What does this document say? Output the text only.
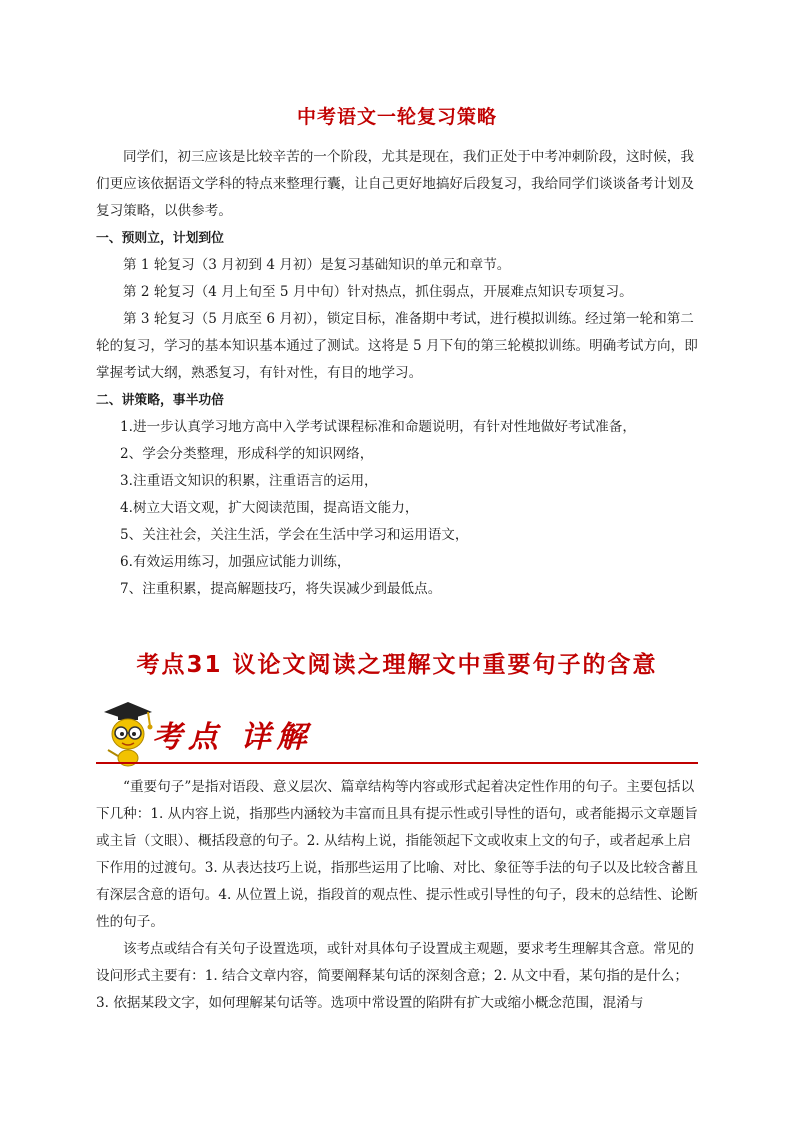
中考语文一轮复习策略

同学们，初三应该是比较辛苦的一个阶段，尤其是现在，我们正处于中考冲刺阶段，这时候，我们更应该依据语文学科的特点来整理行囊，让自己更好地搞好后段复习，我给同学们谈谈备考计划及复习策略，以供参考。

一、预则立，计划到位

第 1 轮复习（3 月初到 4 月初）是复习基础知识的单元和章节。

第 2 轮复习（4 月上旬至 5 月中旬）针对热点，抓住弱点，开展难点知识专项复习。

第 3 轮复习（5 月底至 6 月初），锁定目标，准备期中考试，进行模拟训练。经过第一轮和第二轮的复习，学习的基本知识基本通过了测试。这将是 5 月下旬的第三轮模拟训练。明确考试方向，即掌握考试大纲，熟悉复习，有针对性，有目的地学习。

二、讲策略，事半功倍

1.进一步认真学习地方高中入学考试课程标准和命题说明，有针对性地做好考试准备，

2、学会分类整理，形成科学的知识网络，

3.注重语文知识的积累，注重语言的运用，

4.树立大语文观，扩大阅读范围，提高语文能力，

5、关注社会，关注生活，学会在生活中学习和运用语文，

6.有效运用练习，加强应试能力训练，

7、注重积累，提高解题技巧，将失误减少到最低点。

考点31 议论文阅读之理解文中重要句子的含意
考点 详解

“重要句子”是指对语段、意义层次、篇章结构等内容或形式起着决定性作用的句子。主要包括以下几种：1. 从内容上说，指那些内涵较为丰富而且具有提示性或引导性的语句，或者能揭示文章题旨或主旨（文眼）、概括段意的句子。2. 从结构上说，指能领起下文或收束上文的句子，或者起承上启下作用的过渡句。3. 从表达技巧上说，指那些运用了比喻、对比、象征等手法的句子以及比较含蓄且有深层含意的语句。4. 从位置上说，指段首的观点性、提示性或引导性的句子，段末的总结性、论断性的句子。

该考点或结合有关句子设置选项，或针对具体句子设置成主观题，要求考生理解其含意。常见的设问形式主要有：1. 结合文章内容，简要阐释某句话的深刻含意；2. 从文中看，某句指的是什么；3. 依据某段文字，如何理解某句话等。选项中常设置的陷阱有扩大或缩小概念范围，混淆与
